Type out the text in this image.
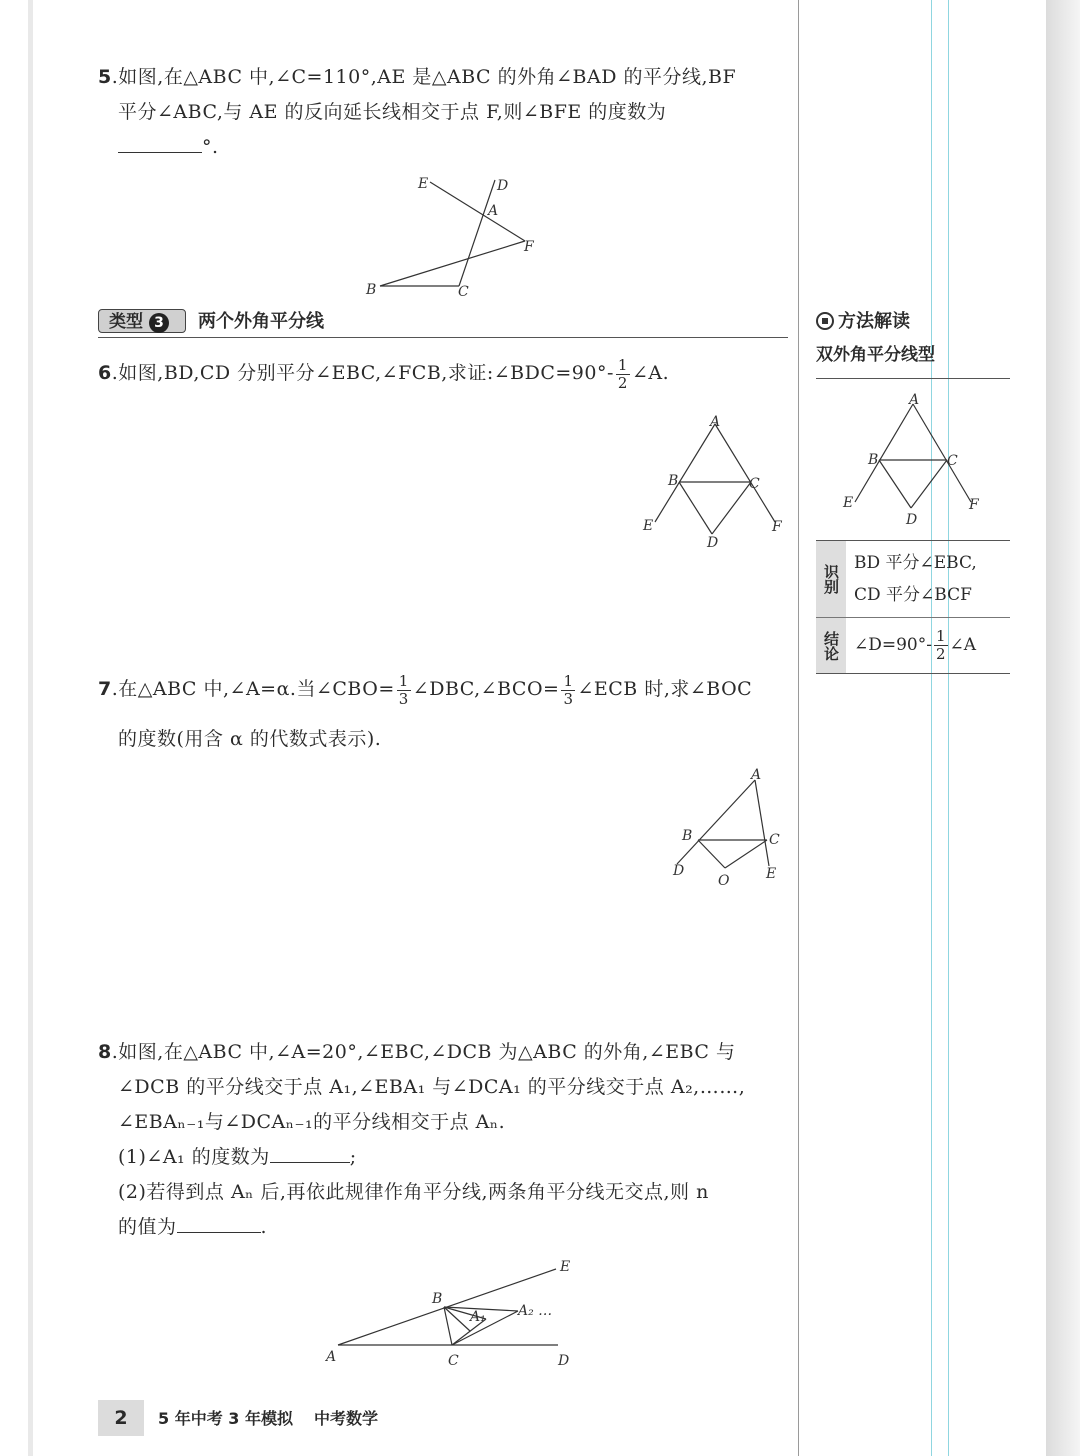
5.如图,在△ABC 中,∠C=110°,AE 是△ABC 的外角∠BAD 的平分线,BF
平分∠ABC,与 AE 的反向延长线相交于点 F,则∠BFE 的度数为
°.
E	D
A
F
B	C
类型 3	两个外角平分线
6.如图,BD,CD 分别平分∠EBC,∠FCB,求证:∠BDC=90°- $\frac{1}{2}$ ∠A.
A
B	C
E
D
F
7.在△ABC 中,∠A=α.当∠CBO= $\frac{1}{3}$ ∠DBC,∠BCO= $\frac{1}{3}$ ∠ECB 时,求∠BOC
的度数(用含 α 的代数式表示).
A
B	C
D
O	E
8.如图,在△ABC 中,∠A=20°,∠EBC,∠DCB 为△ABC 的外角,∠EBC 与
∠DCB 的平分线交于点 A₁,∠EBA₁ 与∠DCA₁ 的平分线交于点 A₂,……,
∠EBAₙ₋₁与∠DCAₙ₋₁的平分线相交于点 Aₙ.
(1)∠A₁ 的度数为	;
(2)若得到点 Aₙ 后,再依此规律作角平分线,两条角平分线无交点,则 n
的值为	.
E
B
A₁ A₂ …
A	C	D
方法解读
双外角平分线型
A
B	C
E
D
F
识别
BD 平分∠EBC,
CD 平分∠BCF
结论 ∠D=90°- $\frac{1}{2}$ ∠A
2	5 年中考 3 年模拟 中考数学
